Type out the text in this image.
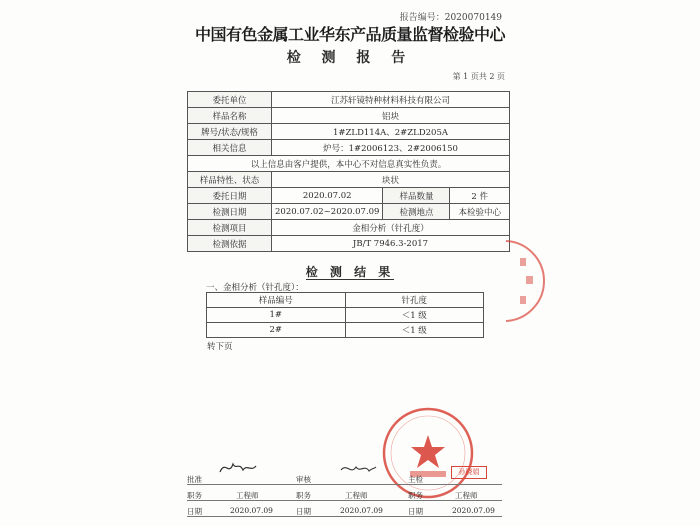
报告编号：2020070149
中国有色金属工业华东产品质量监督检验中心
检 测 报 告
第 1 页共 2 页
委托单位	江苏轩镜特种材料科技有限公司		
样品名称	铝块		
牌号/状态/规格	1#ZLD114A、2#ZLD205A		
相关信息	炉号：1#2006123、2#2006150		
以上信息由客户提供，本中心不对信息真实性负责。			
样品特性、状态	块状		
委托日期	2020.07.02	样品数量	2 件
检测日期	2020.07.02~2020.07.09	检测地点	本检验中心
检测项目	金相分析（针孔度）		
检测依据	JB/T 7946.3-2017		
检 测 结 果
一、金相分析（针孔度）：
样品编号	针孔度
1#	＜1 级
2#	＜1 级
转下页
孙晓娟
批准	审核	主检
职务	工程师	职务	工程师	职务	工程师
日期	2020.07.09	日期	2020.07.09	日期	2020.07.09
